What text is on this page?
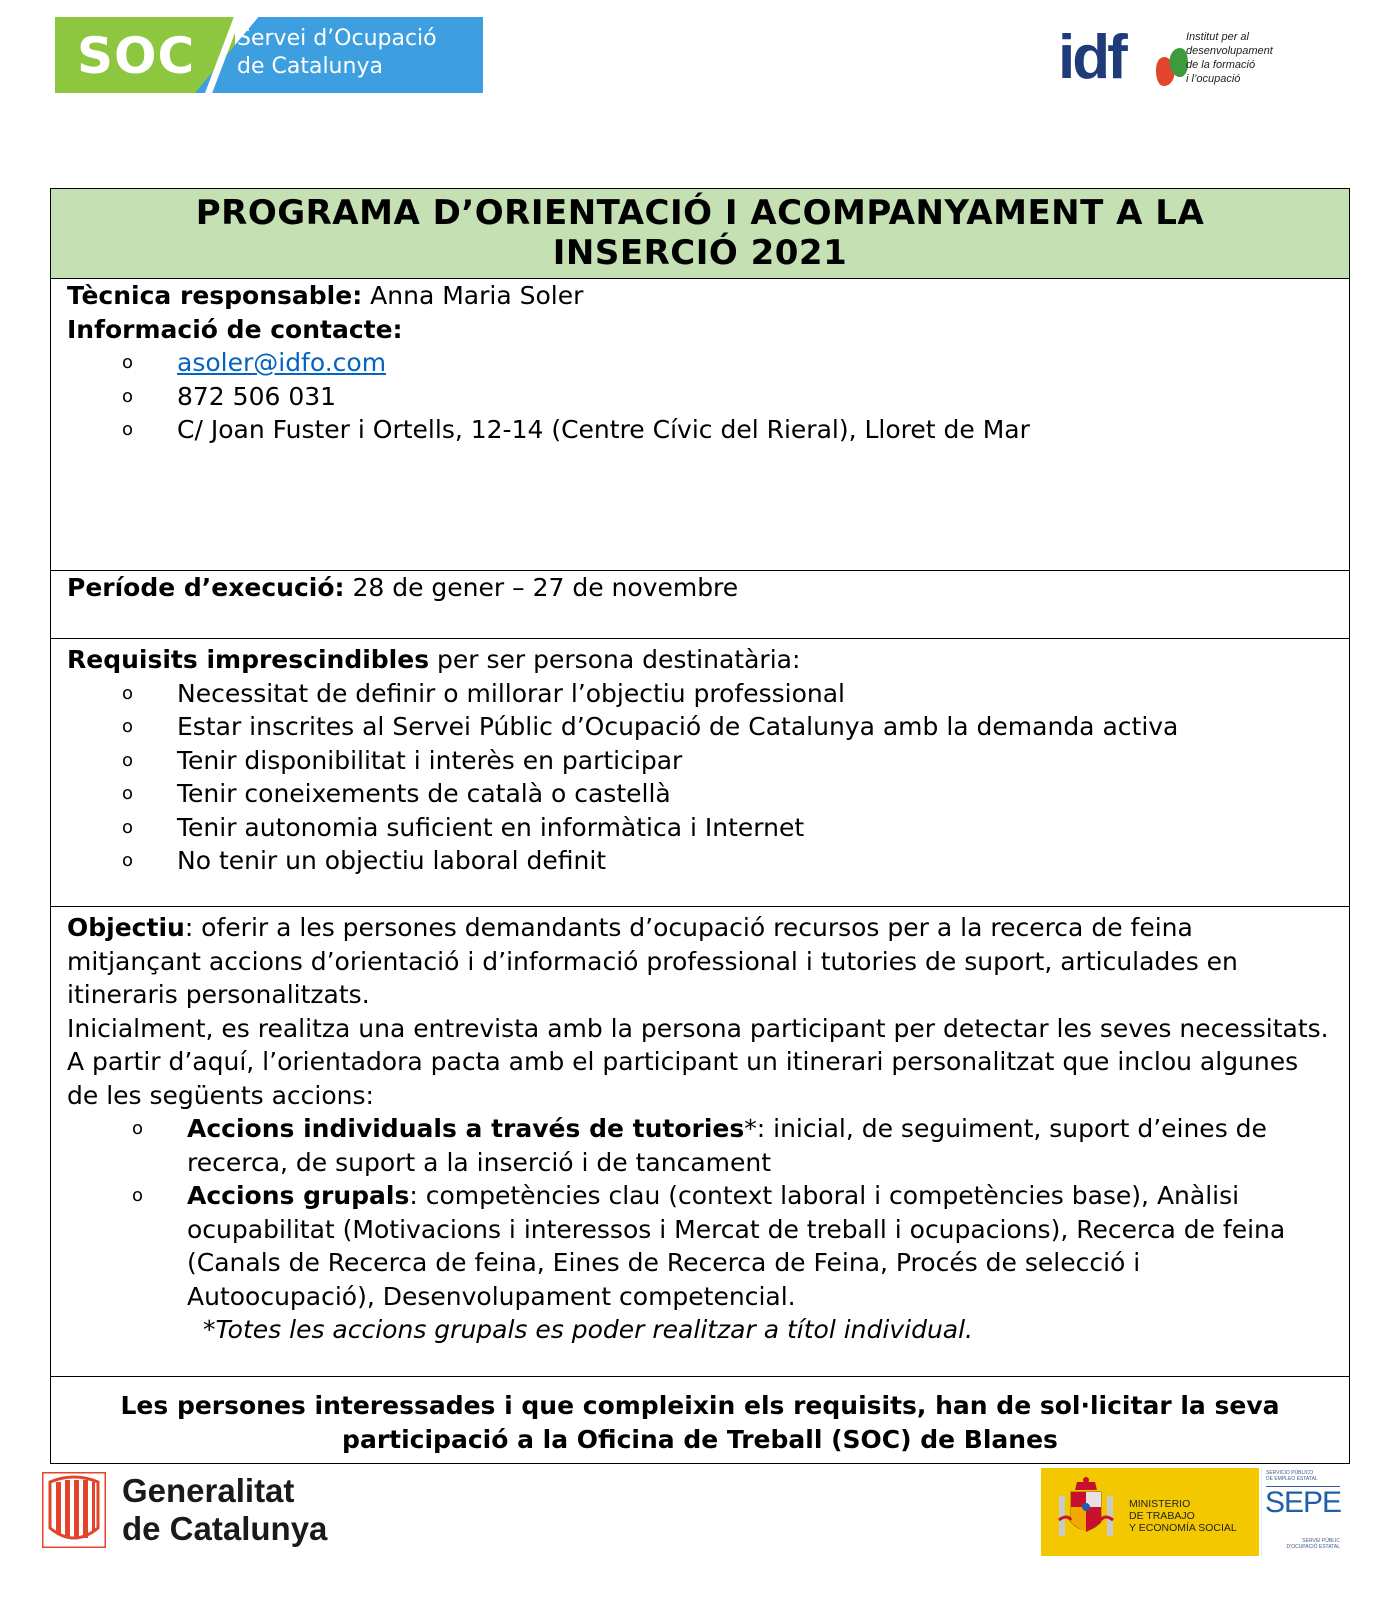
SOC Servei d’Ocupació
de Catalunya	idf	Institut per al
desenvolupament
de la formació
i l’ocupació
PROGRAMA D’ORIENTACIÓ I ACOMPANYAMENT A LA
INSERCIÓ 2021
Tècnica responsable: Anna Maria Soler
Informació de contacte:
o asoler@idfo.com
o 872 506 031
o C/ Joan Fuster i Ortells, 12-14 (Centre Cívic del Rieral), Lloret de Mar
Període d’execució: 28 de gener – 27 de novembre
Requisits imprescindibles per ser persona destinatària:
o Necessitat de definir o millorar l’objectiu professional
o Estar inscrites al Servei Públic d’Ocupació de Catalunya amb la demanda activa
o Tenir disponibilitat i interès en participar
o Tenir coneixements de català o castellà
o Tenir autonomia suficient en informàtica i Internet
o No tenir un objectiu laboral definit
Objectiu: oferir a les persones demandants d’ocupació recursos per a la recerca de feina mitjançant accions d’orientació i d’informació professional i tutories de suport, articulades en itineraris personalitzats.
Inicialment, es realitza una entrevista amb la persona participant per detectar les seves necessitats. A partir d’aquí, l’orientadora pacta amb el participant un itinerari personalitzat que inclou algunes de les següents accions:
o Accions individuals a través de tutories*: inicial, de seguiment, suport d’eines de recerca, de suport a la inserció i de tancament
o Accions grupals: competències clau (context laboral i competències base), Anàlisi ocupabilitat (Motivacions i interessos i Mercat de treball i ocupacions), Recerca de feina (Canals de Recerca de feina, Eines de Recerca de Feina, Procés de selecció i Autoocupació), Desenvolupament competencial.
*Totes les accions grupals es poder realitzar a títol individual.
Les persones interessades i que compleixin els requisits, han de sol·licitar la seva
participació a la Oficina de Treball (SOC) de Blanes
Generalitat
de Catalunya
MINISTERIO
DE TRABAJO
Y ECONOMÍA SOCIAL
SERVICIO PÚBLICO
DE EMPLEO ESTATAL
SEPE
SERVEI PÚBLIC
D’OCUPACIÓ ESTATAL
